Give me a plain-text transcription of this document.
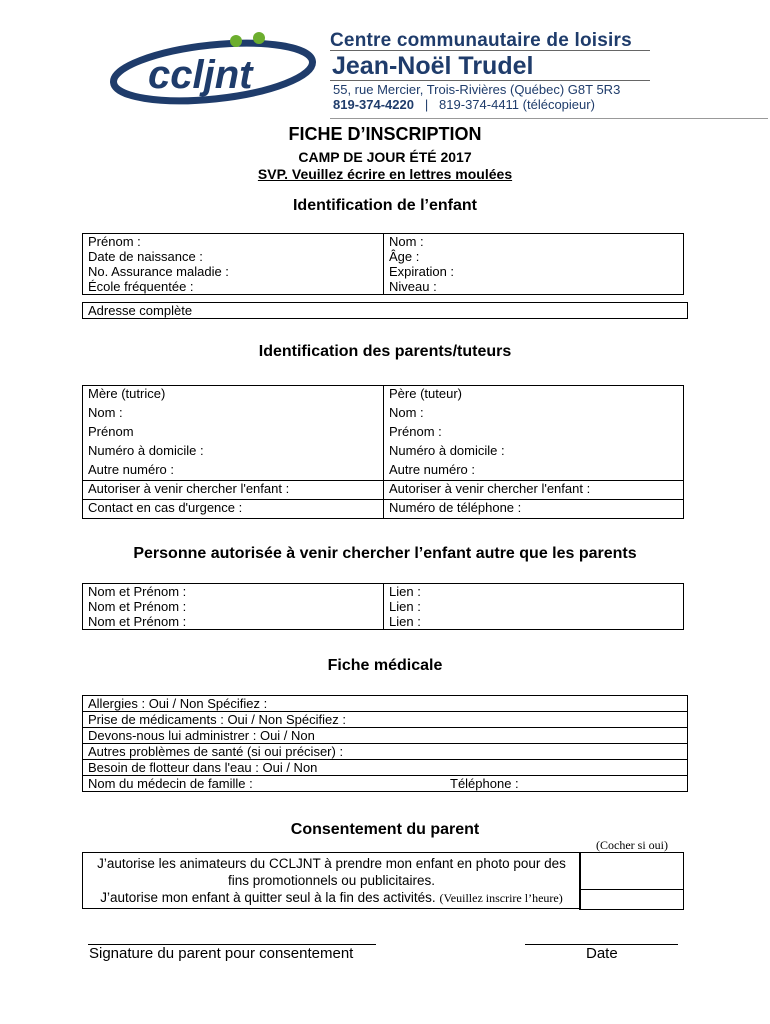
ccljnt
Centre communautaire de loisirs
Jean-Noël Trudel
55, rue Mercier, Trois-Rivières (Québec) G8T 5R3
819-374-4220 | 819-374-4411 (télécopieur)
FICHE D’INSCRIPTION
CAMP DE JOUR ÉTÉ 2017
SVP. Veuillez écrire en lettres moulées
Identification de l’enfant
Prénom :	Nom :
Date de naissance :	Âge :
No. Assurance maladie :	Expiration :
École fréquentée :	Niveau :
Adresse complète
Identification des parents/tuteurs
Mère (tutrice)	Père (tuteur)
Nom :	Nom :
Prénom	Prénom :
Numéro à domicile :	Numéro à domicile :
Autre numéro :	Autre numéro :
Autoriser à venir chercher l'enfant :	Autoriser à venir chercher l'enfant :
Contact en cas d'urgence :	Numéro de téléphone :
Personne autorisée à venir chercher l’enfant autre que les parents
Nom et Prénom :	Lien :
Nom et Prénom :	Lien :
Nom et Prénom :	Lien :
Fiche médicale
Allergies : Oui / Non Spécifiez :
Prise de médicaments : Oui / Non Spécifiez :
Devons-nous lui administrer : Oui / Non
Autres problèmes de santé (si oui préciser) :
Besoin de flotteur dans l'eau : Oui / Non
Nom du médecin de famille :	Téléphone :
Consentement du parent
(Cocher si oui)
J’autorise les animateurs du CCLJNT à prendre mon enfant en photo pour des
fins promotionnels ou publicitaires.
J’autorise mon enfant à quitter seul à la fin des activités. (Veuillez inscrire l’heure)
Signature du parent pour consentement	Date
